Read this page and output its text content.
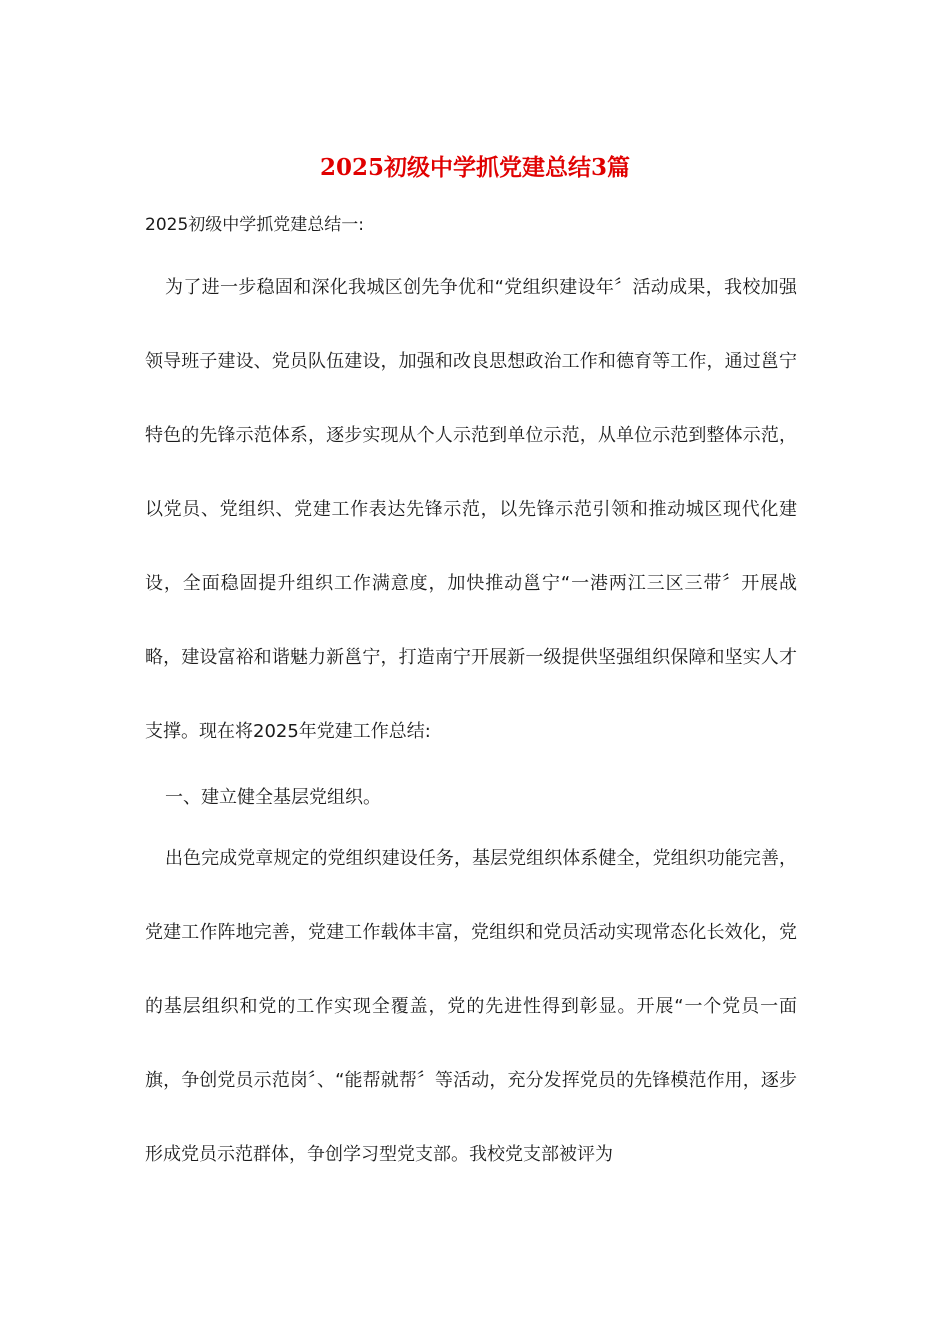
2025初级中学抓党建总结3篇

2025初级中学抓党建总结一:

为了进一步稳固和深化我城区创先争优和“党组织建设年〞活动成果，我校加强领导班子建设、党员队伍建设，加强和改良思想政治工作和德育等工作，通过邕宁特色的先锋示范体系，逐步实现从个人示范到单位示范，从单位示范到整体示范，以党员、党组织、党建工作表达先锋示范，以先锋示范引领和推动城区现代化建设，全面稳固提升组织工作满意度，加快推动邕宁“一港两江三区三带〞开展战略，建设富裕和谐魅力新邕宁，打造南宁开展新一级提供坚强组织保障和坚实人才支撑。现在将2025年党建工作总结:

一、建立健全基层党组织。

出色完成党章规定的党组织建设任务，基层党组织体系健全，党组织功能完善，党建工作阵地完善，党建工作载体丰富，党组织和党员活动实现常态化长效化，党的基层组织和党的工作实现全覆盖，党的先进性得到彰显。开展“一个党员一面旗，争创党员示范岗〞、“能帮就帮〞等活动，充分发挥党员的先锋模范作用，逐步形成党员示范群体，争创学习型党支部。我校党支部被评为
